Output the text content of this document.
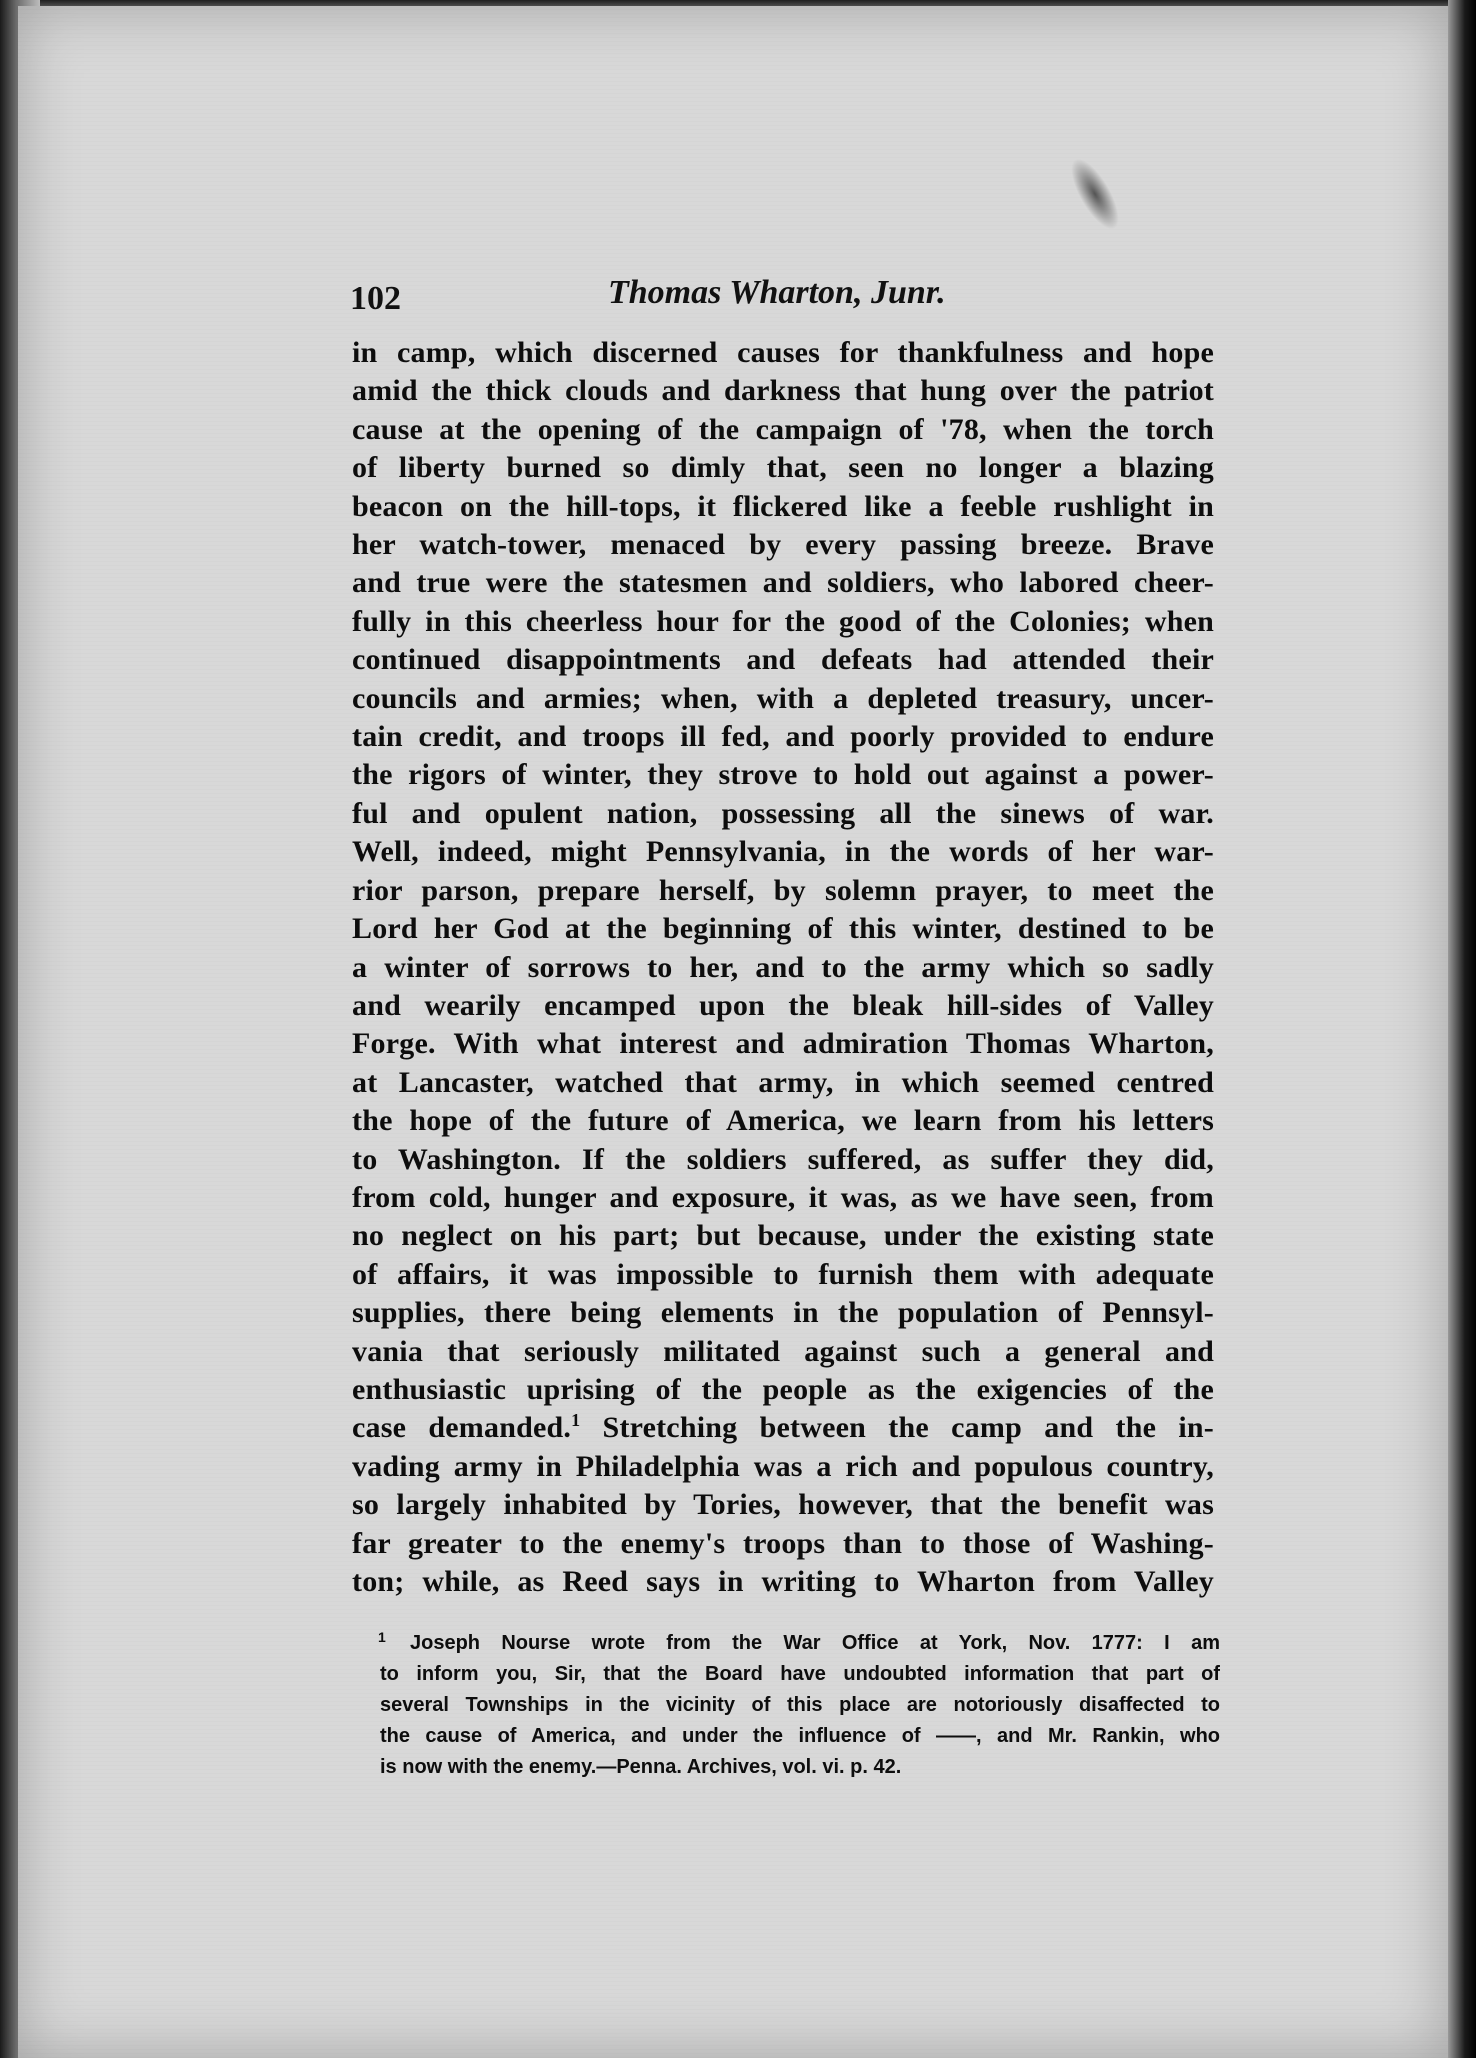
102	Thomas Wharton, Junr.
in camp, which discerned causes for thankfulness and hope
amid the thick clouds and darkness that hung over the patriot
cause at the opening of the campaign of '78, when the torch
of liberty burned so dimly that, seen no longer a blazing
beacon on the hill-tops, it flickered like a feeble rushlight in
her watch-tower, menaced by every passing breeze. Brave
and true were the statesmen and soldiers, who labored cheer-
fully in this cheerless hour for the good of the Colonies; when
continued disappointments and defeats had attended their
councils and armies; when, with a depleted treasury, uncer-
tain credit, and troops ill fed, and poorly provided to endure
the rigors of winter, they strove to hold out against a power-
ful and opulent nation, possessing all the sinews of war.
Well, indeed, might Pennsylvania, in the words of her war-
rior parson, prepare herself, by solemn prayer, to meet the
Lord her God at the beginning of this winter, destined to be
a winter of sorrows to her, and to the army which so sadly
and wearily encamped upon the bleak hill-sides of Valley
Forge. With what interest and admiration Thomas Wharton,
at Lancaster, watched that army, in which seemed centred
the hope of the future of America, we learn from his letters
to Washington. If the soldiers suffered, as suffer they did,
from cold, hunger and exposure, it was, as we have seen, from
no neglect on his part; but because, under the existing state
of affairs, it was impossible to furnish them with adequate
supplies, there being elements in the population of Pennsyl-
vania that seriously militated against such a general and
enthusiastic uprising of the people as the exigencies of the
case demanded.$^1$ Stretching between the camp and the in-
vading army in Philadelphia was a rich and populous country,
so largely inhabited by Tories, however, that the benefit was
far greater to the enemy's troops than to those of Washing-
ton; while, as Reed says in writing to Wharton from Valley
1	Joseph Nourse wrote from the War Office at York, Nov. 1777: I am
to inform you, Sir, that the Board have undoubted information that part of
several Townships in the vicinity of this place are notoriously disaffected to
the cause of America, and under the influence of ——, and Mr. Rankin, who
is now with the enemy.—Penna. Archives, vol. vi. p. 42.
